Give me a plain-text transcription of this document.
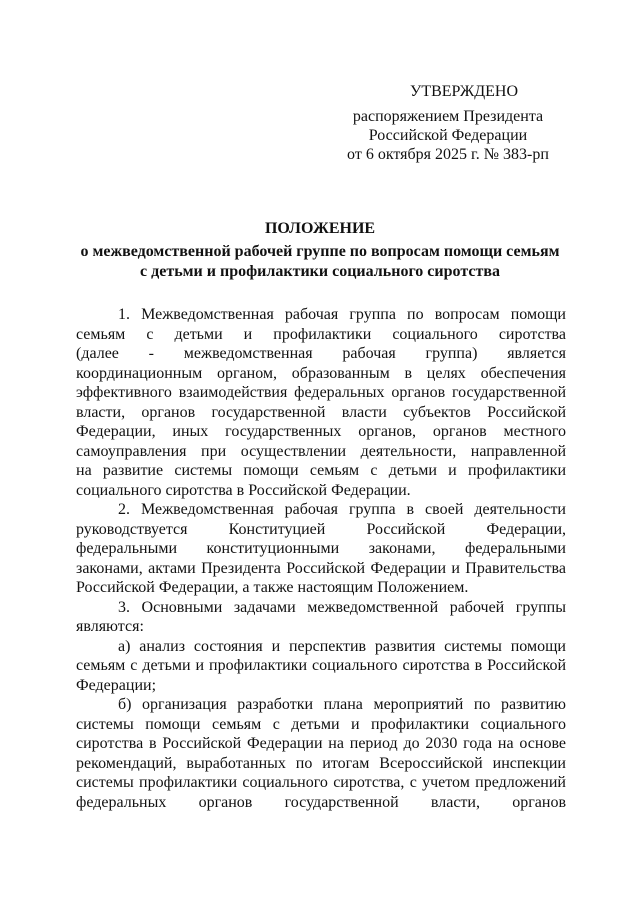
УТВЕРЖДЕНО
распоряжением Президента
Российской Федерации
от 6 октября 2025 г. № 383-рп
ПОЛОЖЕНИЕ
о межведомственной рабочей группе по вопросам помощи семьям
с детьми и профилактики социального сиротства
1. Межведомственная рабочая группа по вопросам помощи
семьям с детьми и профилактики социального сиротства
(далее - межведомственная рабочая группа) является
координационным органом, образованным в целях обеспечения
эффективного взаимодействия федеральных органов государственной
власти, органов государственной власти субъектов Российской
Федерации, иных государственных органов, органов местного
самоуправления при осуществлении деятельности, направленной
на развитие системы помощи семьям с детьми и профилактики
социального сиротства в Российской Федерации.
2. Межведомственная рабочая группа в своей деятельности
руководствуется Конституцией Российской Федерации,
федеральными конституционными законами, федеральными
законами, актами Президента Российской Федерации и Правительства
Российской Федерации, а также настоящим Положением.
3. Основными задачами межведомственной рабочей группы
являются:
а) анализ состояния и перспектив развития системы помощи
семьям с детьми и профилактики социального сиротства в Российской
Федерации;
б) организация разработки плана мероприятий по развитию
системы помощи семьям с детьми и профилактики социального
сиротства в Российской Федерации на период до 2030 года на основе
рекомендаций, выработанных по итогам Всероссийской инспекции
системы профилактики социального сиротства, с учетом предложений
федеральных органов государственной власти, органов
